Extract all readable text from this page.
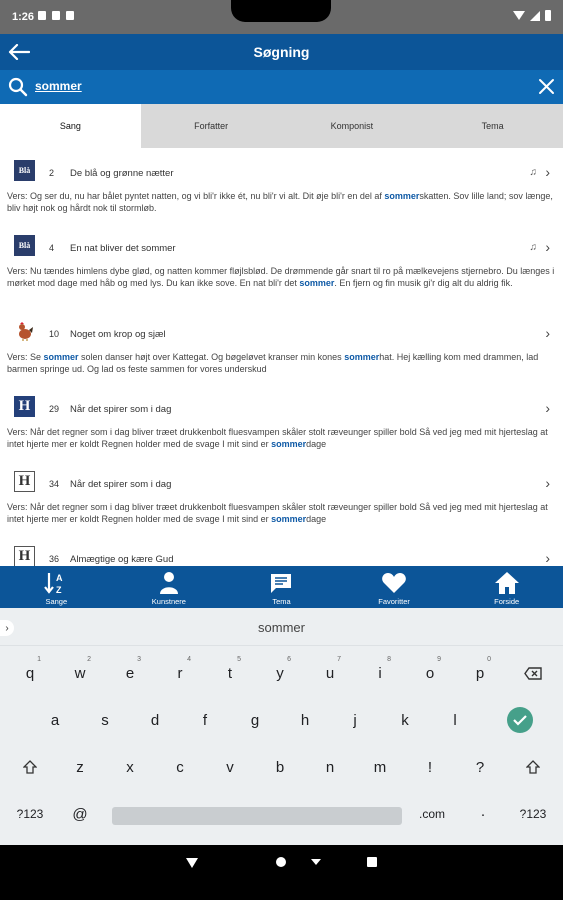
1:26
Søgning
sommer
Sang	Forfatter	Komponist	Tema
Blå	2 De blå og grønne nætter	♫ ›
Vers: Og ser du, nu har bålet pyntet natten, og vi bli'r ikke ét, nu bli'r vi alt. Dit øje bli'r en del af sommerskatten. Sov lille land; sov længe, bliv højt nok og hårdt nok til stormløb.
Blå	4 En nat bliver det sommer	♫ ›
Vers: Nu tændes himlens dybe glød, og natten kommer fløjlsblød. De drømmende går snart til ro på mælkevejens stjernebro. Du længes i mørket mod dage med håb og med lys. Du kan ikke sove. En nat bli'r det sommer. En fjern og fin musik gi'r dig alt du aldrig fik.
10 Noget om krop og sjæl	›
Vers: Se sommer solen danser højt over Kattegat. Og bøgeløvet kranser min kones sommerhat. Hej kælling kom med drammen, lad barmen springe ud. Og lad os feste sammen for vores underskud
H	29 Når det spirer som i dag	›
Vers: Når det regner som i dag bliver træet drukkenbolt fluesvampen skåler stolt ræveunger spiller bold Så ved jeg med mit hjerteslag at intet hjerte mer er koldt Regnen holder med de svage I mit sind er sommerdage
H	34 Når det spirer som i dag	›
Vers: Når det regner som i dag bliver træet drukkenbolt fluesvampen skåler stolt ræveunger spiller bold Så ved jeg med mit hjerteslag at intet hjerte mer er koldt Regnen holder med de svage I mit sind er sommerdage
H	36 Almægtige og kære Gud	›
A
Z
Sange	Kunstnere	Tema	Favoritter	Forside
›	sommer
q
1
w
2
e
3
r
4
t
5
y
6
u
7
i
8
o
9
p
0
a	s	d	f	g	h	j	k	l
z	x	c	v	b	n	m	!	?
?123	@	.com	·	?123
